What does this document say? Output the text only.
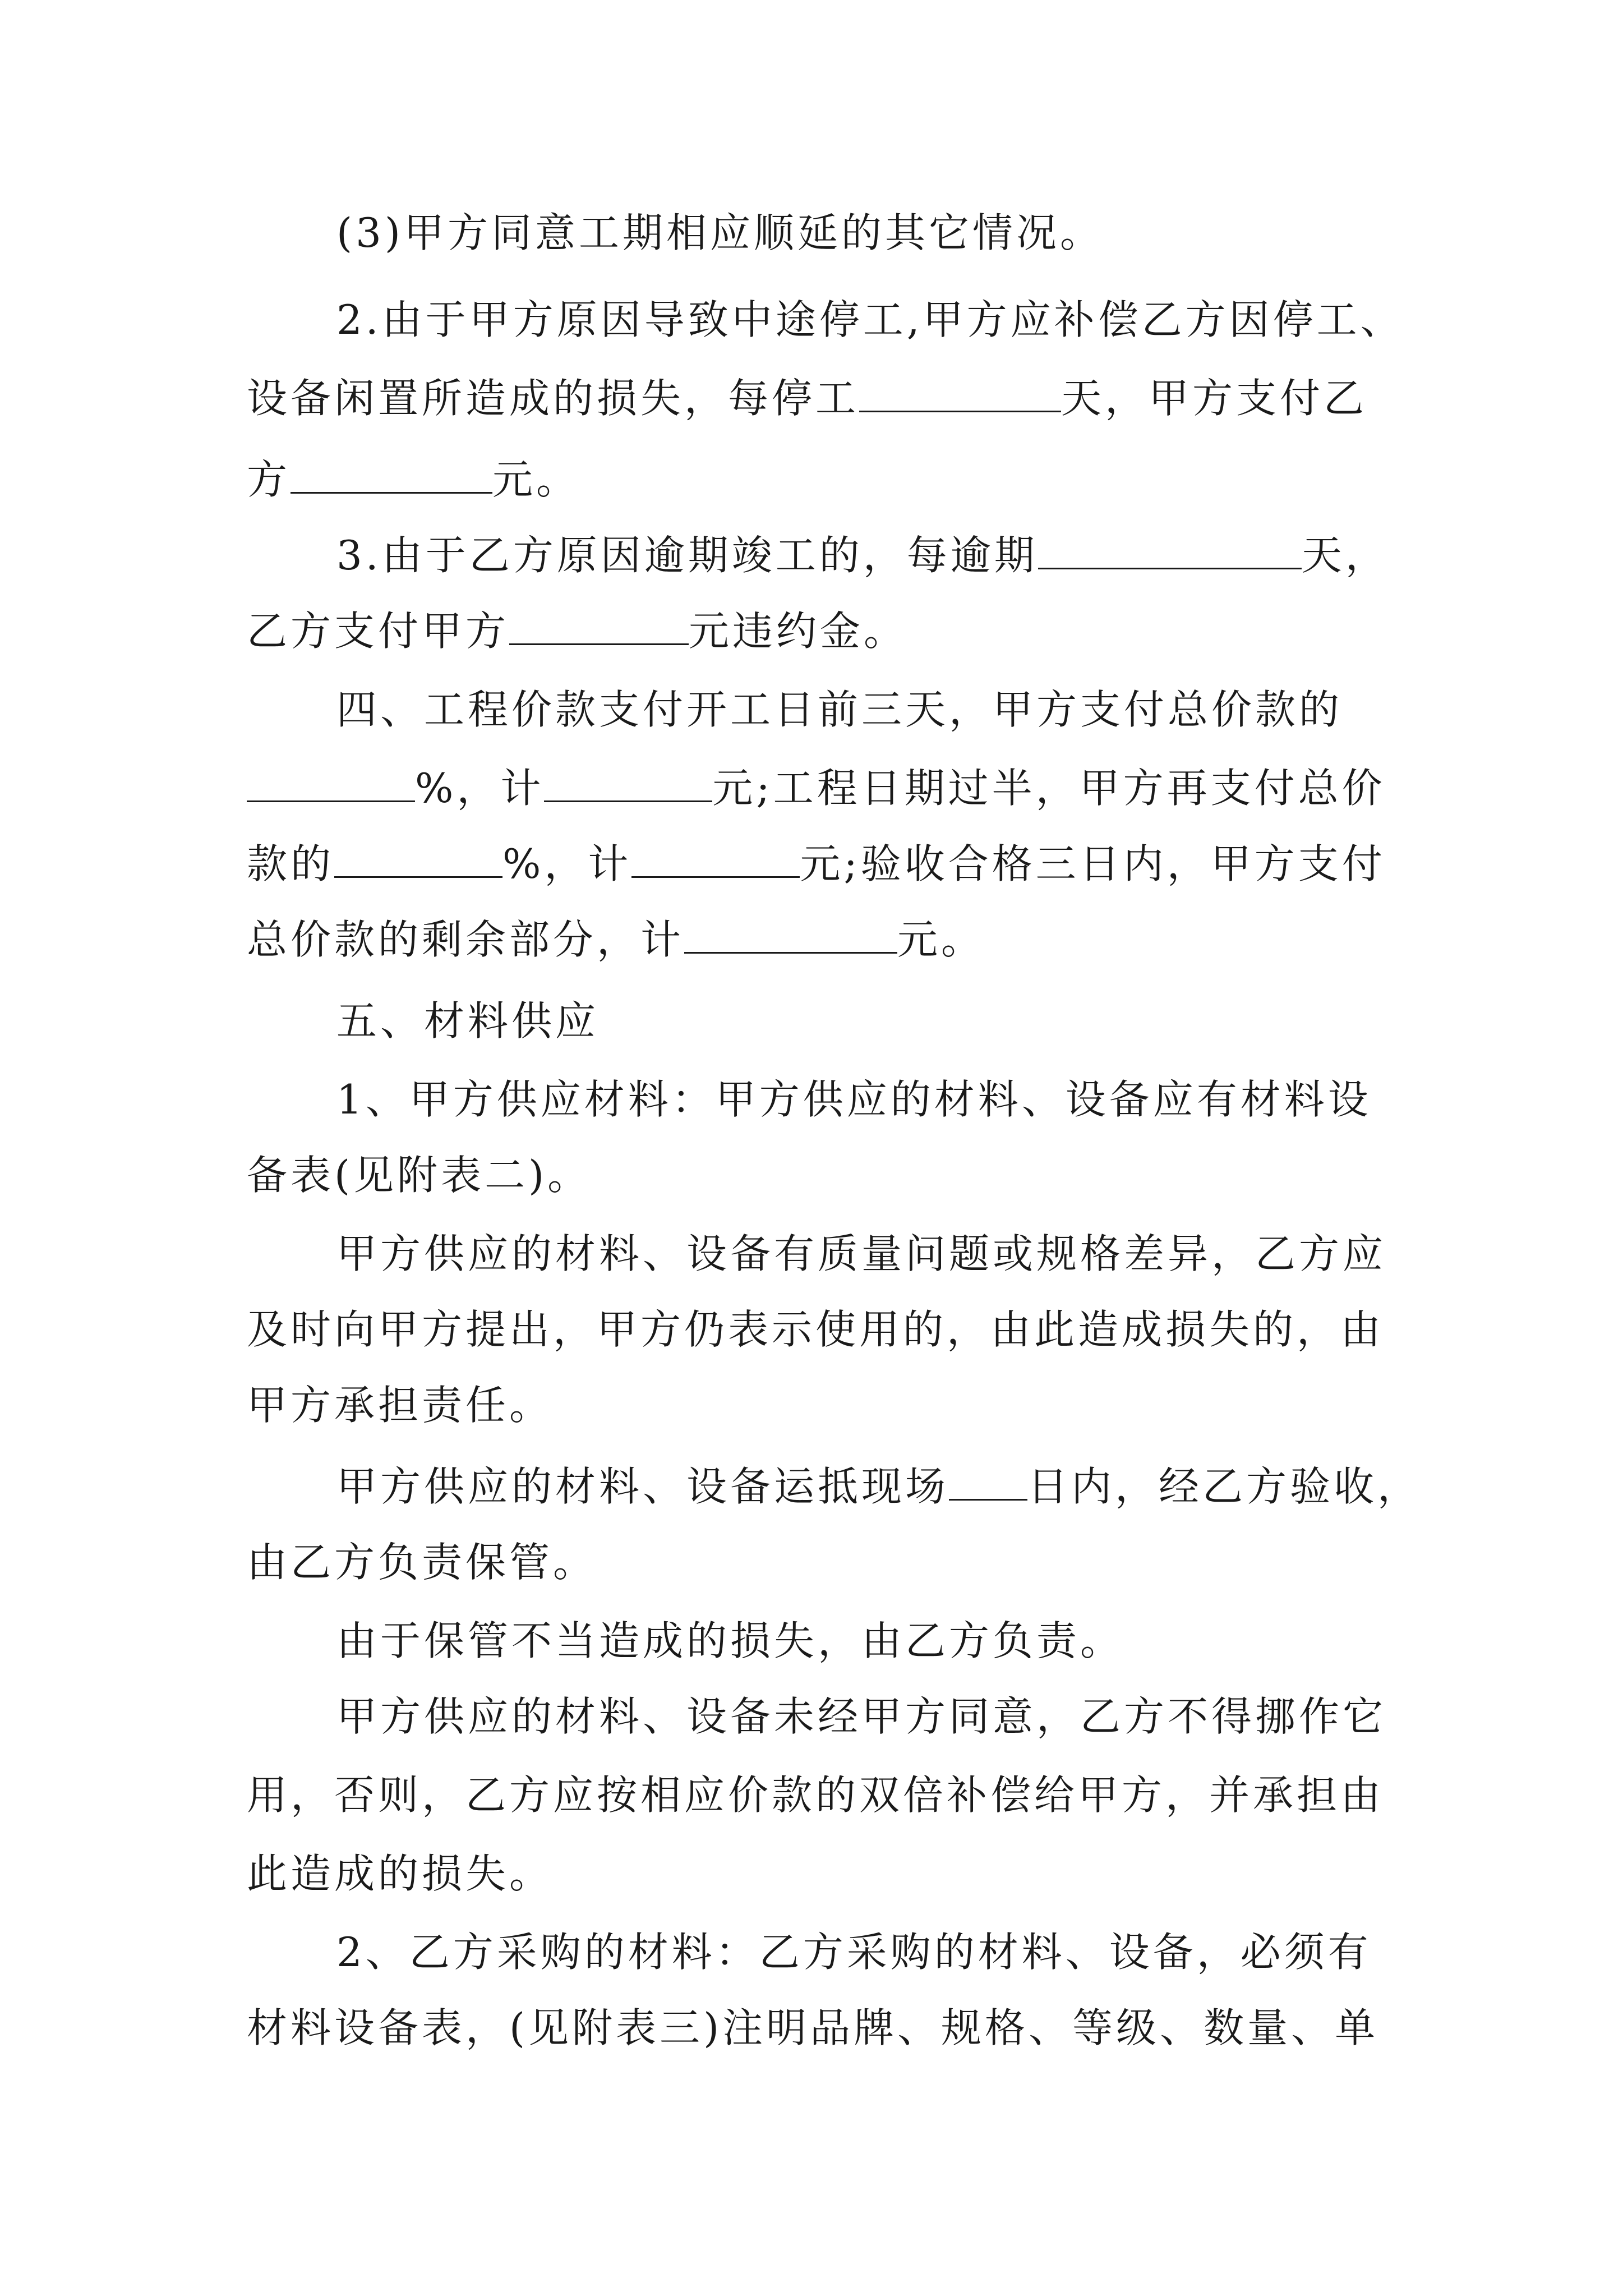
(3)甲方同意工期相应顺延的其它情况。
2.由于甲方原因导致中途停工,甲方应补偿乙方因停工、
设备闲置所造成的损失，每停工	天，甲方支付乙
方	元。
3.由于乙方原因逾期竣工的，每逾期	天，
乙方支付甲方	元违约金。
四、工程价款支付开工日前三天，甲方支付总价款的
%，计	元;工程日期过半，甲方再支付总价
款的	%，计	元;验收合格三日内，甲方支付
总价款的剩余部分，计	元。
五、材料供应
1、甲方供应材料：甲方供应的材料、设备应有材料设
备表(见附表二)。
甲方供应的材料、设备有质量问题或规格差异，乙方应
及时向甲方提出，甲方仍表示使用的，由此造成损失的，由
甲方承担责任。
甲方供应的材料、设备运抵现场 日内，经乙方验收，
由乙方负责保管。
由于保管不当造成的损失，由乙方负责。
甲方供应的材料、设备未经甲方同意，乙方不得挪作它
用，否则，乙方应按相应价款的双倍补偿给甲方，并承担由
此造成的损失。
2、乙方采购的材料：乙方采购的材料、设备，必须有
材料设备表，(见附表三)注明品牌、规格、等级、数量、单
